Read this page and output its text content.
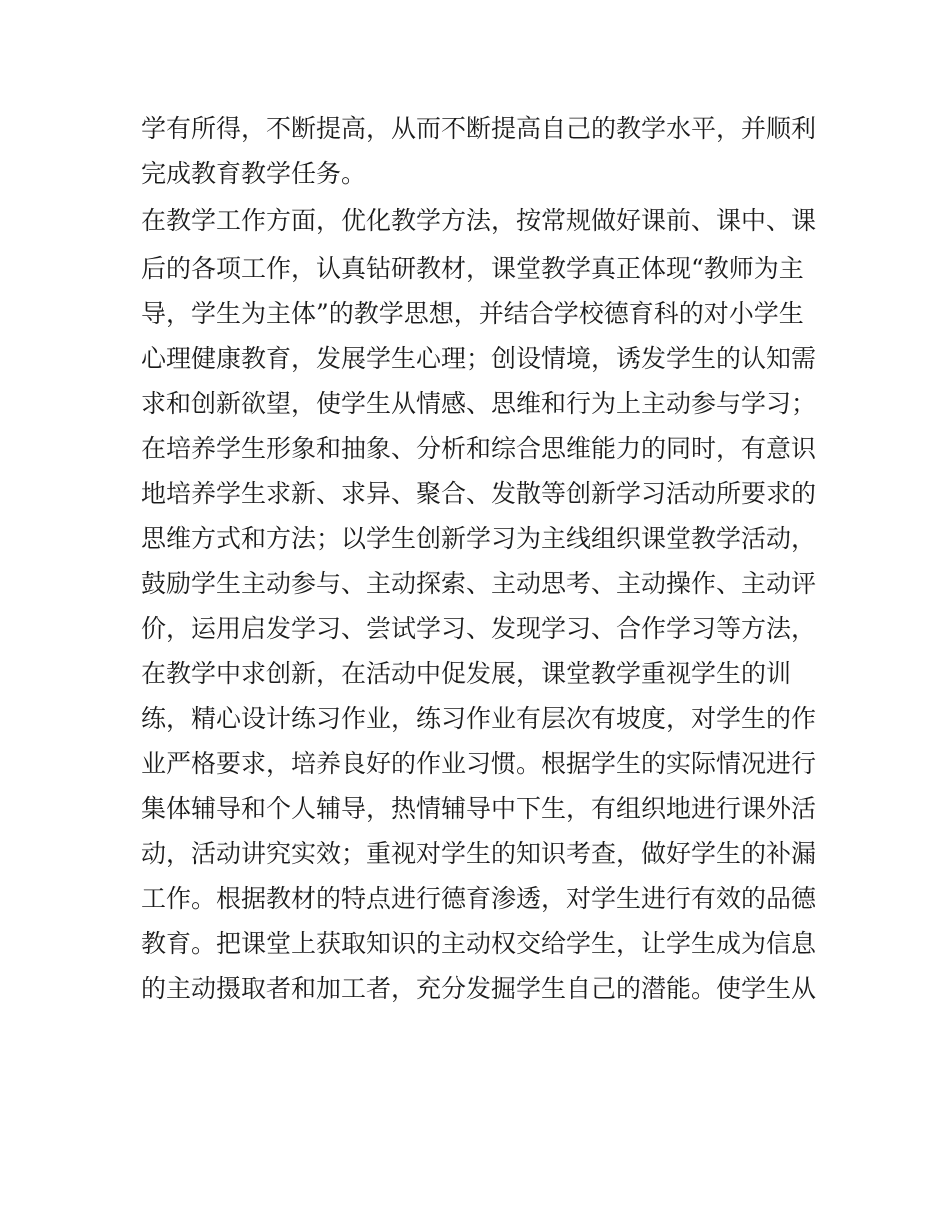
学有所得，不断提高，从而不断提高自己的教学水平，并顺利
完成教育教学任务。
在教学工作方面，优化教学方法，按常规做好课前、课中、课
后的各项工作，认真钻研教材，课堂教学真正体现“教师为主
导，学生为主体”的教学思想，并结合学校德育科的对小学生
心理健康教育，发展学生心理；创设情境，诱发学生的认知需
求和创新欲望，使学生从情感、思维和行为上主动参与学习；
在培养学生形象和抽象、分析和综合思维能力的同时，有意识
地培养学生求新、求异、聚合、发散等创新学习活动所要求的
思维方式和方法；以学生创新学习为主线组织课堂教学活动，
鼓励学生主动参与、主动探索、主动思考、主动操作、主动评
价，运用启发学习、尝试学习、发现学习、合作学习等方法，
在教学中求创新，在活动中促发展，课堂教学重视学生的训
练，精心设计练习作业，练习作业有层次有坡度，对学生的作
业严格要求，培养良好的作业习惯。根据学生的实际情况进行
集体辅导和个人辅导，热情辅导中下生，有组织地进行课外活
动，活动讲究实效；重视对学生的知识考查，做好学生的补漏
工作。根据教材的特点进行德育渗透，对学生进行有效的品德
教育。把课堂上获取知识的主动权交给学生，让学生成为信息
的主动摄取者和加工者，充分发掘学生自己的潜能。使学生从
